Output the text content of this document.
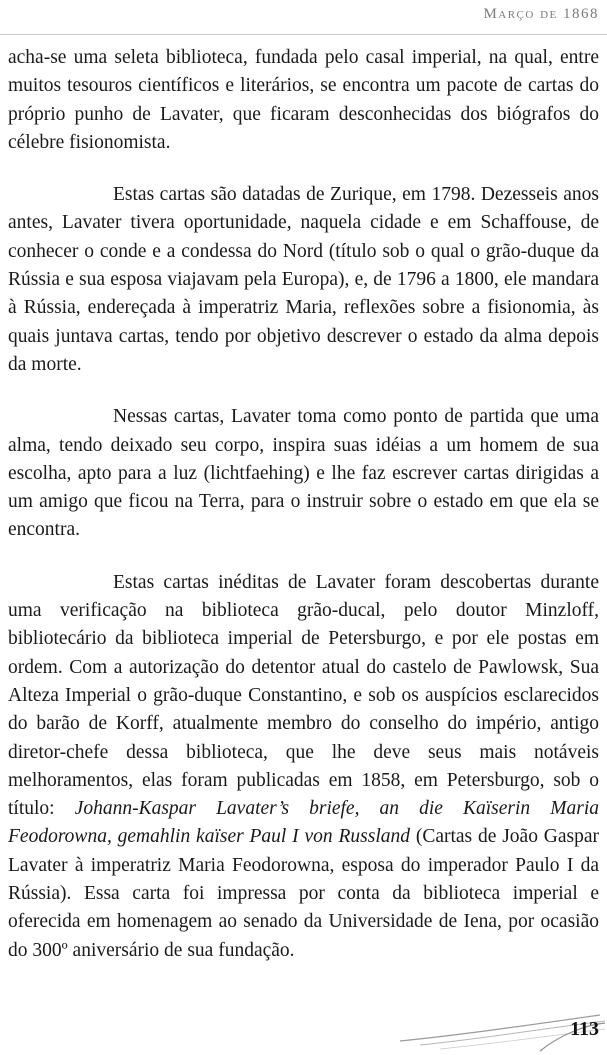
Março de 1868

acha-se uma seleta biblioteca, fundada pelo casal imperial, na qual, entre muitos tesouros científicos e literários, se encontra um pacote de cartas do próprio punho de Lavater, que ficaram desconhecidas dos biógrafos do célebre fisionomista.

Estas cartas são datadas de Zurique, em 1798. Dezesseis anos antes, Lavater tivera oportunidade, naquela cidade e em Schaffouse, de conhecer o conde e a condessa do Nord (título sob o qual o grão-duque da Rússia e sua esposa viajavam pela Europa), e, de 1796 a 1800, ele mandara à Rússia, endereçada à imperatriz Maria, reflexões sobre a fisionomia, às quais juntava cartas, tendo por objetivo descrever o estado da alma depois da morte.

Nessas cartas, Lavater toma como ponto de partida que uma alma, tendo deixado seu corpo, inspira suas idéias a um homem de sua escolha, apto para a luz (lichtfaehing) e lhe faz escrever cartas dirigidas a um amigo que ficou na Terra, para o instruir sobre o estado em que ela se encontra.

Estas cartas inéditas de Lavater foram descobertas durante uma verificação na biblioteca grão-ducal, pelo doutor Minzloff, bibliotecário da biblioteca imperial de Petersburgo, e por ele postas em ordem. Com a autorização do detentor atual do castelo de Pawlowsk, Sua Alteza Imperial o grão-duque Constantino, e sob os auspícios esclarecidos do barão de Korff, atualmente membro do conselho do império, antigo diretor-chefe dessa biblioteca, que lhe deve seus mais notáveis melhoramentos, elas foram publicadas em 1858, em Petersburgo, sob o título: Johann-Kaspar Lavater’s briefe, an die Kaïserin Maria Feodorowna, gemahlin kaïser Paul I von Russland (Cartas de João Gaspar Lavater à imperatriz Maria Feodorowna, esposa do imperador Paulo I da Rússia). Essa carta foi impressa por conta da biblioteca imperial e oferecida em homenagem ao senado da Universidade de Iena, por ocasião do 300º aniversário de sua fundação.

113
